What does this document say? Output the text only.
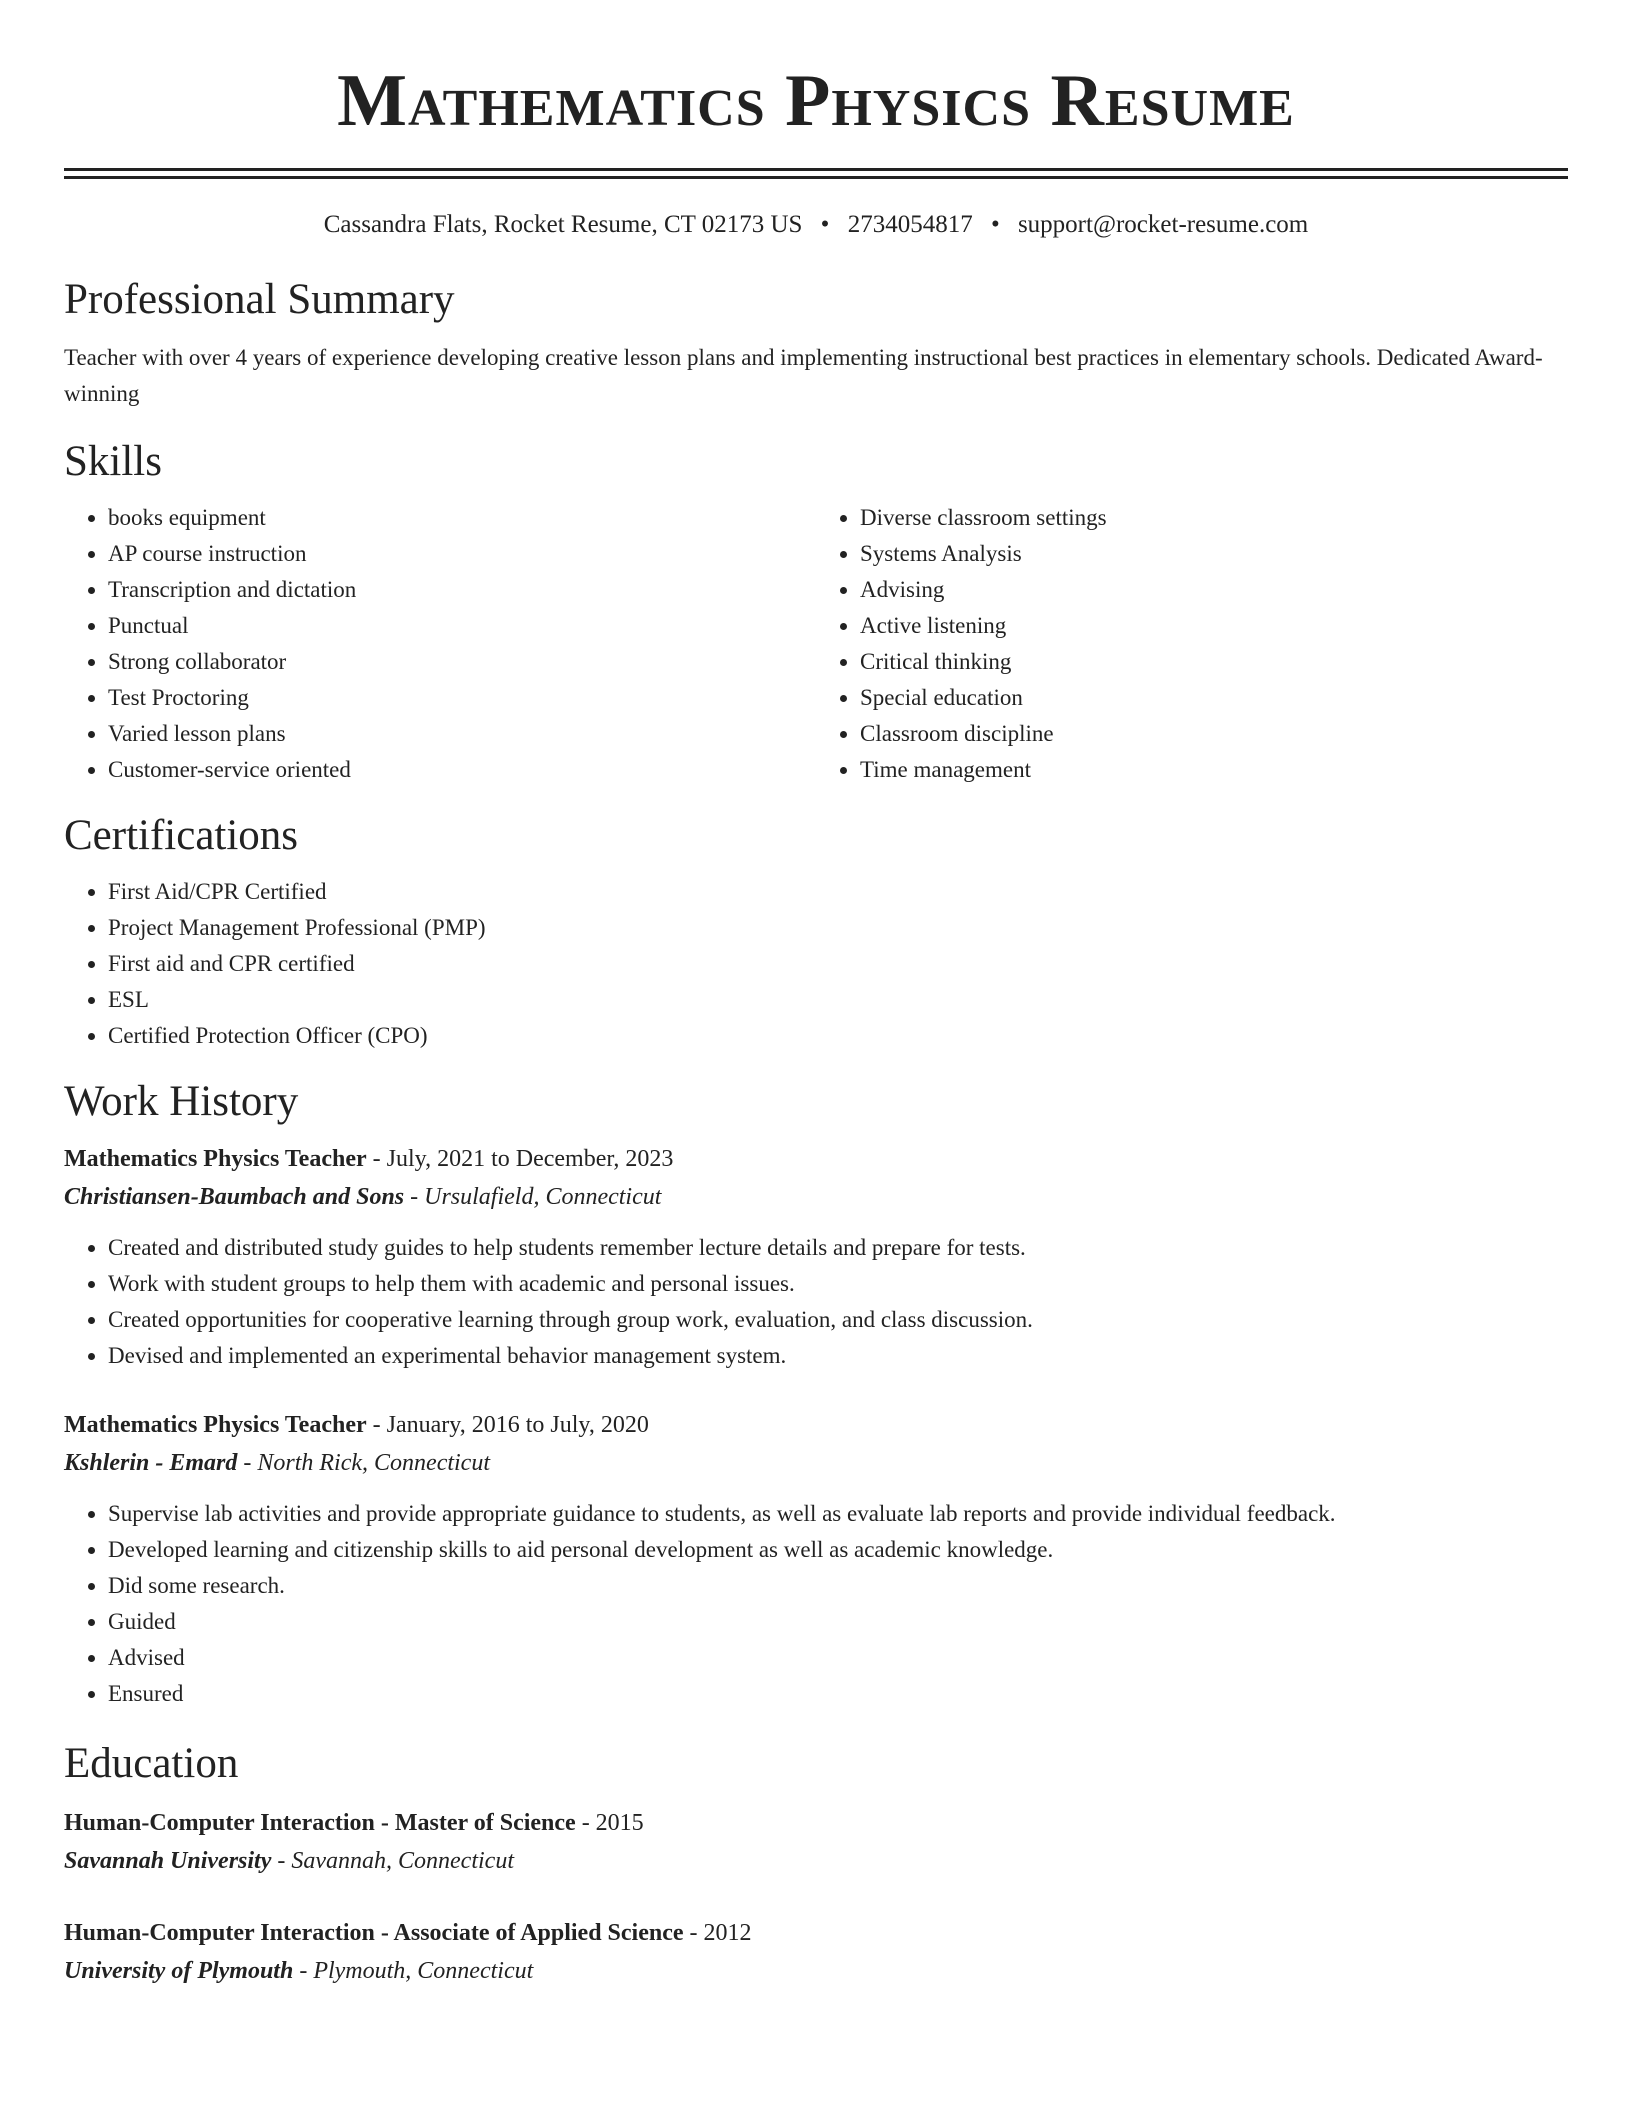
Mathematics Physics Resume
Cassandra Flats, Rocket Resume, CT 02173 US • 2734054817 • support@rocket-resume.com
Professional Summary

Teacher with over 4 years of experience developing creative lesson plans and implementing instructional best practices in elementary schools. Dedicated Award-winning

Skills
• books equipment
• AP course instruction
• Transcription and dictation
• Punctual
• Strong collaborator
• Test Proctoring
• Varied lesson plans
• Customer-service oriented
• Diverse classroom settings
• Systems Analysis
• Advising
• Active listening
• Critical thinking
• Special education
• Classroom discipline
• Time management
Certifications
• First Aid/CPR Certified
• Project Management Professional (PMP)
• First aid and CPR certified
• ESL
• Certified Protection Officer (CPO)
Work History
Mathematics Physics Teacher - July, 2021 to December, 2023
Christiansen-Baumbach and Sons - Ursulafield, Connecticut
• Created and distributed study guides to help students remember lecture details and prepare for tests.
• Work with student groups to help them with academic and personal issues.
• Created opportunities for cooperative learning through group work, evaluation, and class discussion.
• Devised and implemented an experimental behavior management system.
Mathematics Physics Teacher - January, 2016 to July, 2020
Kshlerin - Emard - North Rick, Connecticut
• Supervise lab activities and provide appropriate guidance to students, as well as evaluate lab reports and provide individual feedback.
• Developed learning and citizenship skills to aid personal development as well as academic knowledge.
• Did some research.
• Guided
• Advised
• Ensured
Education
Human-Computer Interaction - Master of Science - 2015
Savannah University - Savannah, Connecticut
Human-Computer Interaction - Associate of Applied Science - 2012
University of Plymouth - Plymouth, Connecticut
